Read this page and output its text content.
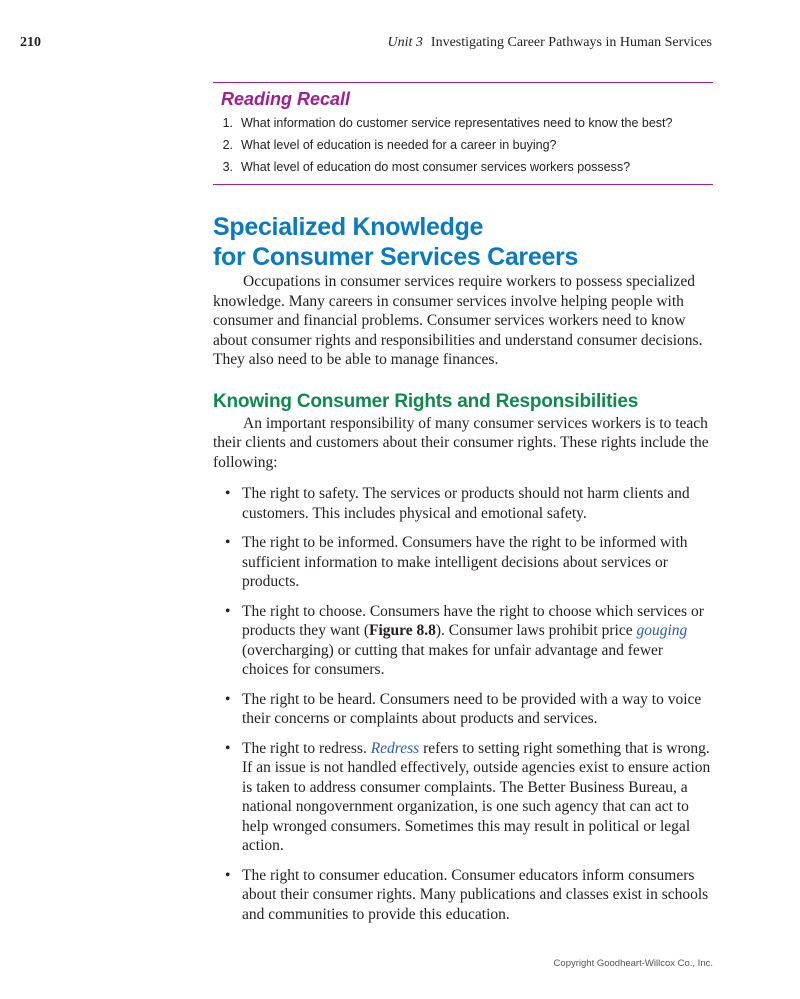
210	Unit 3 Investigating Career Pathways in Human Services
Reading Recall
1. What information do customer service representatives need to know the best?
2. What level of education is needed for a career in buying?
3. What level of education do most consumer services workers possess?
Specialized Knowledge
for Consumer Services Careers

Occupations in consumer services require workers to possess specialized knowledge. Many careers in consumer services involve helping people with consumer and financial problems. Consumer services workers need to know about consumer rights and responsibilities and understand consumer decisions. They also need to be able to manage finances.

Knowing Consumer Rights and Responsibilities

An important responsibility of many consumer services workers is to teach their clients and customers about their consumer rights. These rights include the following:

• The right to safety. The services or products should not harm clients and customers. This includes physical and emotional safety.
• The right to be informed. Consumers have the right to be informed with sufficient information to make intelligent decisions about services or products.
• The right to choose. Consumers have the right to choose which services or products they want (Figure 8.8). Consumer laws prohibit price gouging (overcharging) or cutting that makes for unfair advantage and fewer choices for consumers.
• The right to be heard. Consumers need to be provided with a way to voice their concerns or complaints about products and services.
• The right to redress. Redress refers to setting right something that is wrong. If an issue is not handled effectively, outside agencies exist to ensure action is taken to address consumer complaints. The Better Business Bureau, a national nongovernment organization, is one such agency that can act to help wronged consumers. Sometimes this may result in political or legal action.
• The right to consumer education. Consumer educators inform consumers about their consumer rights. Many publications and classes exist in schools and communities to provide this education.
Copyright Goodheart-Willcox Co., Inc.
